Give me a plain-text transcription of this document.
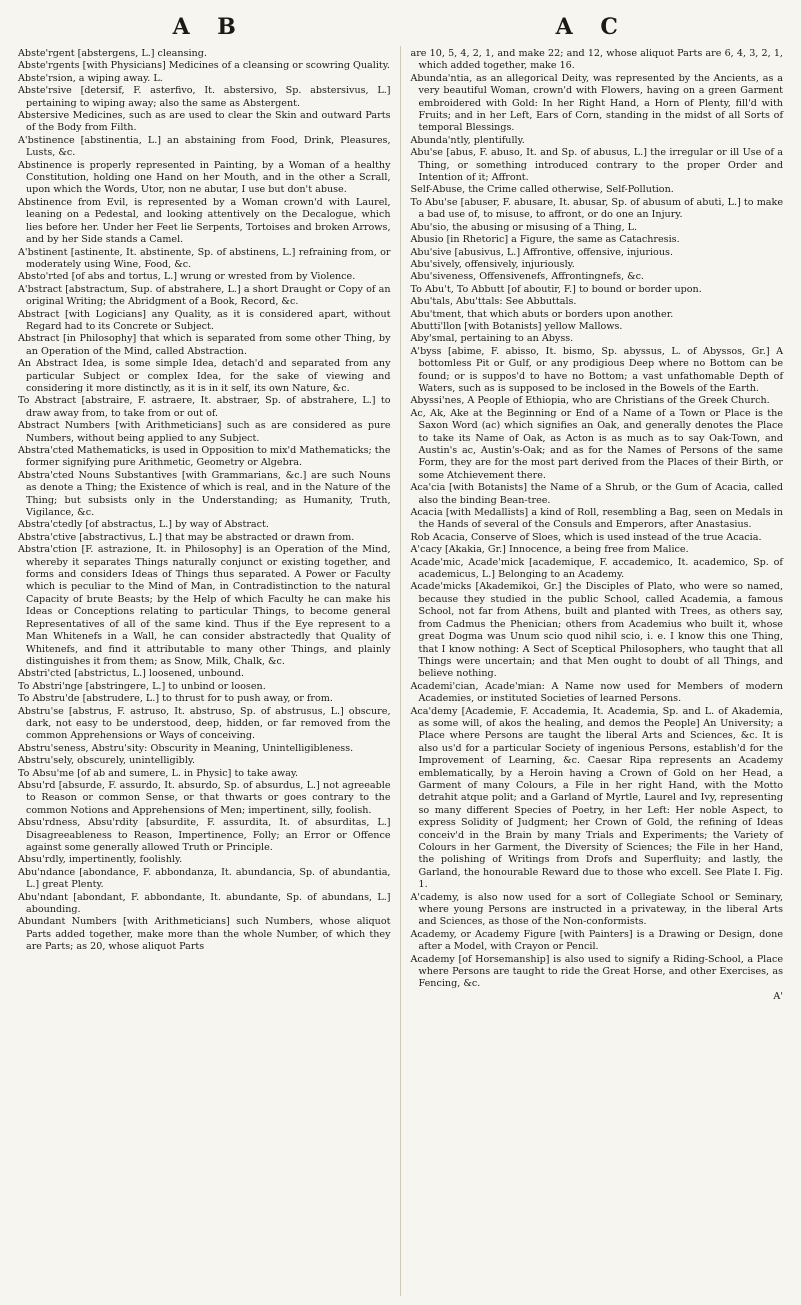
A B	A C

Abste'rgent [abstergens, L.] cleansing.

Abste'rgents [with Physicians] Medicines of a cleansing or scowring Quality.

Abste'rsion, a wiping away. L.

Abste'rsive [detersif, F. asterfivo, It. abstersivo, Sp. abstersivus, L.] pertaining to wiping away; also the same as Abstergent.

Abstersive Medicines, such as are used to clear the Skin and outward Parts of the Body from Filth.

A'bstinence [abstinentia, L.] an abstaining from Food, Drink, Pleasures, Lusts, &c.

Abstinence is properly represented in Painting, by a Woman of a healthy Constitution, holding one Hand on her Mouth, and in the other a Scrall, upon which the Words, Utor, non ne abutar, I use but don't abuse.

Abstinence from Evil, is represented by a Woman crown'd with Laurel, leaning on a Pedestal, and looking attentively on the Decalogue, which lies before her. Under her Feet lie Serpents, Tortoises and broken Arrows, and by her Side stands a Camel.

A'bstinent [astinente, It. abstinente, Sp. of abstinens, L.] refraining from, or moderately using Wine, Food, &c.

Absto'rted [of abs and tortus, L.] wrung or wrested from by Violence.

A'bstract [abstractum, Sup. of abstrahere, L.] a short Draught or Copy of an original Writing; the Abridgment of a Book, Record, &c.

Abstract [with Logicians] any Quality, as it is considered apart, without Regard had to its Concrete or Subject.

Abstract [in Philosophy] that which is separated from some other Thing, by an Operation of the Mind, called Abstraction.

An Abstract Idea, is some simple Idea, detach'd and separated from any particular Subject or complex Idea, for the sake of viewing and considering it more distinctly, as it is in it self, its own Nature, &c.

To Abstract [abstraire, F. astraere, It. abstraer, Sp. of abstrahere, L.] to draw away from, to take from or out of.

Abstract Numbers [with Arithmeticians] such as are considered as pure Numbers, without being applied to any Subject.

Abstra'cted Mathematicks, is used in Opposition to mix'd Mathematicks; the former signifying pure Arithmetic, Geometry or Algebra.

Abstra'cted Nouns Substantives [with Grammarians, &c.] are such Nouns as denote a Thing; the Existence of which is real, and in the Nature of the Thing; but subsists only in the Understanding; as Humanity, Truth, Vigilance, &c.

Abstra'ctedly [of abstractus, L.] by way of Abstract.

Abstra'ctive [abstractivus, L.] that may be abstracted or drawn from.

Abstra'ction [F. astrazione, It. in Philosophy] is an Operation of the Mind, whereby it separates Things naturally conjunct or existing together, and forms and considers Ideas of Things thus separated. A Power or Faculty which is peculiar to the Mind of Man, in Contradistinction to the natural Capacity of brute Beasts; by the Help of which Faculty he can make his Ideas or Conceptions relating to particular Things, to become general Representatives of all of the same kind. Thus if the Eye represent to a Man Whitenefs in a Wall, he can consider abstractedly that Quality of Whitenefs, and find it attributable to many other Things, and plainly distinguishes it from them; as Snow, Milk, Chalk, &c.

Abstri'cted [abstrictus, L.] loosened, unbound.

To Abstri'nge [abstringere, L.] to unbind or loosen.

To Abstru'de [abstrudere, L.] to thrust for to push away, or from.

Abstru'se [abstrus, F. astruso, It. abstruso, Sp. of abstrusus, L.] obscure, dark, not easy to be understood, deep, hidden, or far removed from the common Apprehensions or Ways of conceiving.

Abstru'seness, Abstru'sity: Obscurity in Meaning, Unintelligibleness.

Abstru'sely, obscurely, unintelligibly.

To Absu'me [of ab and sumere, L. in Physic] to take away.

Absu'rd [absurde, F. assurdo, It. absurdo, Sp. of absurdus, L.] not agreeable to Reason or common Sense, or that thwarts or goes contrary to the common Notions and Apprehensions of Men; impertinent, silly, foolish.

Absu'rdness, Absu'rdity [absurdite, F. assurdita, It. of absurditas, L.] Disagreeableness to Reason, Impertinence, Folly; an Error or Offence against some generally allowed Truth or Principle.

Absu'rdly, impertinently, foolishly.

Abu'ndance [abondance, F. abbondanza, It. abundancia, Sp. of abundantia, L.] great Plenty.

Abu'ndant [abondant, F. abbondante, It. abundante, Sp. of abundans, L.] abounding.

Abundant Numbers [with Arithmeticians] such Numbers, whose aliquot Parts added together, make more than the whole Number, of which they are Parts; as 20, whose aliquot Parts

are 10, 5, 4, 2, 1, and make 22; and 12, whose aliquot Parts are 6, 4, 3, 2, 1, which added together, make 16.

Abunda'ntia, as an allegorical Deity, was represented by the Ancients, as a very beautiful Woman, crown'd with Flowers, having on a green Garment embroidered with Gold: In her Right Hand, a Horn of Plenty, fill'd with Fruits; and in her Left, Ears of Corn, standing in the midst of all Sorts of temporal Blessings.

Abunda'ntly, plentifully.

Abu'se [abus, F. abuso, It. and Sp. of abusus, L.] the irregular or ill Use of a Thing, or something introduced contrary to the proper Order and Intention of it; Affront.

Self-Abuse, the Crime called otherwise, Self-Pollution.

To Abu'se [abuser, F. abusare, It. abusar, Sp. of abusum of abuti, L.] to make a bad use of, to misuse, to affront, or do one an Injury.

Abu'sio, the abusing or misusing of a Thing, L.

Abusio [in Rhetoric] a Figure, the same as Catachresis.

Abu'sive [abusivus, L.] Affrontive, offensive, injurious.

Abu'sively, offensively, injuriously.

Abu'siveness, Offensivenefs, Affrontingnefs, &c.

To Abu't, To Abbutt [of aboutir, F.] to bound or border upon.

Abu'tals, Abu'ttals: See Abbuttals.

Abu'tment, that which abuts or borders upon another.

Abutti'llon [with Botanists] yellow Mallows.

Aby'smal, pertaining to an Abyss.

A'byss [abime, F. abisso, It. bismo, Sp. abyssus, L. of Abyssos, Gr.] A bottomless Pit or Gulf, or any prodigious Deep where no Bottom can be found; or is suppos'd to have no Bottom; a vast unfathomable Depth of Waters, such as is supposed to be inclosed in the Bowels of the Earth.

Abyssi'nes, A People of Ethiopia, who are Christians of the Greek Church.

Ac, Ak, Ake at the Beginning or End of a Name of a Town or Place is the Saxon Word (ac) which signifies an Oak, and generally denotes the Place to take its Name of Oak, as Acton is as much as to say Oak-Town, and Austin's ac, Austin's-Oak; and as for the Names of Persons of the same Form, they are for the most part derived from the Places of their Birth, or some Atchievement there.

Aca'cia [with Botanists] the Name of a Shrub, or the Gum of Acacia, called also the binding Bean-tree.

Acacia [with Medallists] a kind of Roll, resembling a Bag, seen on Medals in the Hands of several of the Consuls and Emperors, after Anastasius.

Rob Acacia, Conserve of Sloes, which is used instead of the true Acacia.

A'cacy [Akakia, Gr.] Innocence, a being free from Malice.

Acade'mic, Acade'mick [academique, F. accademico, It. academico, Sp. of academicus, L.] Belonging to an Academy.

Acade'micks [Akademikoi, Gr.] the Disciples of Plato, who were so named, because they studied in the public School, called Academia, a famous School, not far from Athens, built and planted with Trees, as others say, from Cadmus the Phenician; others from Academius who built it, whose great Dogma was Unum scio quod nihil scio, i. e. I know this one Thing, that I know nothing: A Sect of Sceptical Philosophers, who taught that all Things were uncertain; and that Men ought to doubt of all Things, and believe nothing.

Academi'cian, Acade'mian: A Name now used for Members of modern Academies, or instituted Societies of learned Persons.

Aca'demy [Academie, F. Accademia, It. Academia, Sp. and L. of Akademia, as some will, of akos the healing, and demos the People] An University; a Place where Persons are taught the liberal Arts and Sciences, &c. It is also us'd for a particular Society of ingenious Persons, establish'd for the Improvement of Learning, &c. Caesar Ripa represents an Academy emblematically, by a Heroin having a Crown of Gold on her Head, a Garment of many Colours, a File in her right Hand, with the Motto detrahit atque polit; and a Garland of Myrtle, Laurel and Ivy, representing so many different Species of Poetry, in her Left: Her noble Aspect, to express Solidity of Judgment; her Crown of Gold, the refining of Ideas conceiv'd in the Brain by many Trials and Experiments; the Variety of Colours in her Garment, the Diversity of Sciences; the File in her Hand, the polishing of Writings from Drofs and Superfluity; and lastly, the Garland, the honourable Reward due to those who excell. See Plate I. Fig. 1.

A'cademy, is also now used for a sort of Collegiate School or Seminary, where young Persons are instructed in a privateway, in the liberal Arts and Sciences, as those of the Non-conformists.

Academy, or Academy Figure [with Painters] is a Drawing or Design, done after a Model, with Crayon or Pencil.

Academy [of Horsemanship] is also used to signify a Riding-School, a Place where Persons are taught to ride the Great Horse, and other Exercises, as Fencing, &c.

A'
